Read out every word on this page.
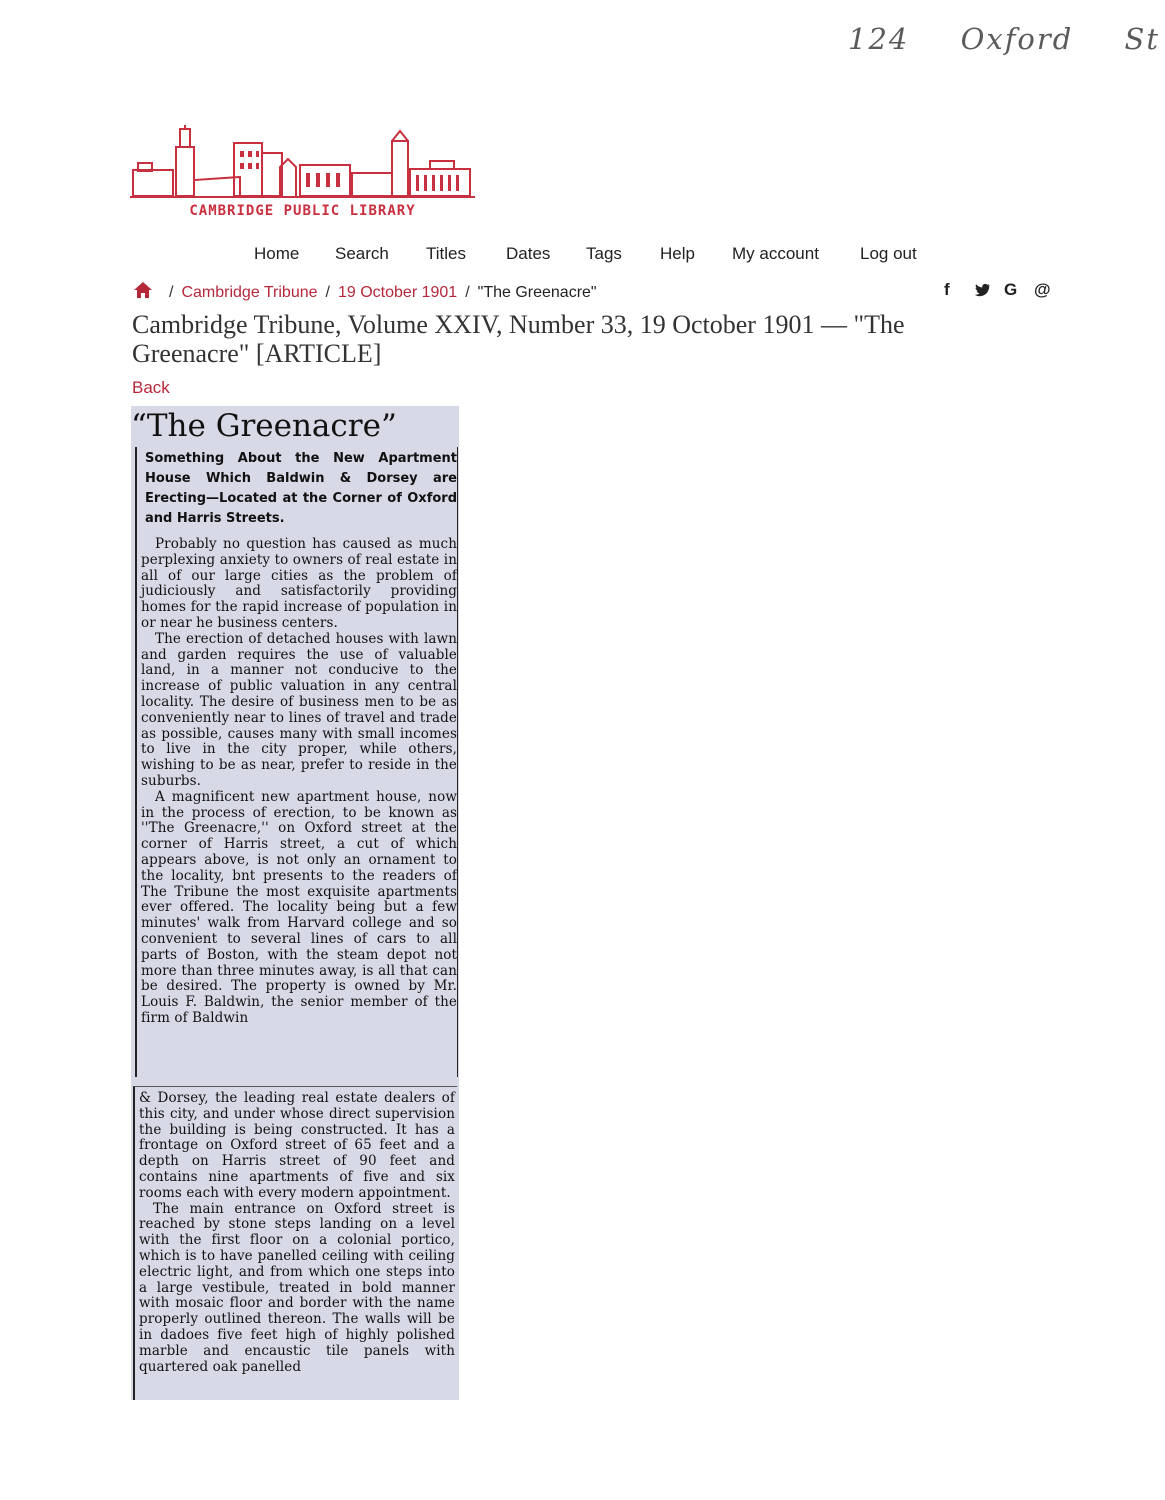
124 Oxford St
CAMBRIDGE PUBLIC LIBRARY
Home Search Titles Dates Tags Help My account Log out
/ Cambridge Tribune / 19 October 1901 / "The Greenacre"	f	G @
Cambridge Tribune, Volume XXIV, Number 33, 19 October 1901 — "The Greenacre" [ARTICLE]
Back
“The Greenacre”
Something About the New Apartment House Which Baldwin & Dorsey are Erecting—Located at the Corner of Oxford and Harris Streets.

Probably no question has caused as much perplexing anxiety to owners of real estate in all of our large cities as the problem of judiciously and satisfactorily providing homes for the rapid increase of population in or near he business centers.

The erection of detached houses with lawn and garden requires the use of valuable land, in a manner not conducive to the increase of public valuation in any central locality. The desire of business men to be as conveniently near to lines of travel and trade as possible, causes many with small incomes to live in the city proper, while others, wishing to be as near, prefer to reside in the suburbs.

A magnificent new apartment house, now in the process of erection, to be known as ''The Greenacre,'' on Oxford street at the corner of Harris street, a cut of which appears above, is not only an ornament to the locality, bnt presents to the readers of The Tribune the most exquisite apartments ever offered. The locality being but a few minutes' walk from Harvard college and so convenient to several lines of cars to all parts of Boston, with the steam depot not more than three minutes away, is all that can be desired. The property is owned by Mr. Louis F. Baldwin, the senior member of the firm of Baldwin

& Dorsey, the leading real estate dealers of this city, and under whose direct supervision the building is being constructed. It has a frontage on Oxford street of 65 feet and a depth on Harris street of 90 feet and contains nine apartments of five and six rooms each with every modern appointment.

The main entrance on Oxford street is reached by stone steps landing on a level with the first floor on a colonial portico, which is to have panelled ceiling with ceiling electric light, and from which one steps into a large vestibule, treated in bold manner with mosaic floor and border with the name properly outlined thereon. The walls will be in dadoes five feet high of highly polished marble and encaustic tile panels with quartered oak panelled
